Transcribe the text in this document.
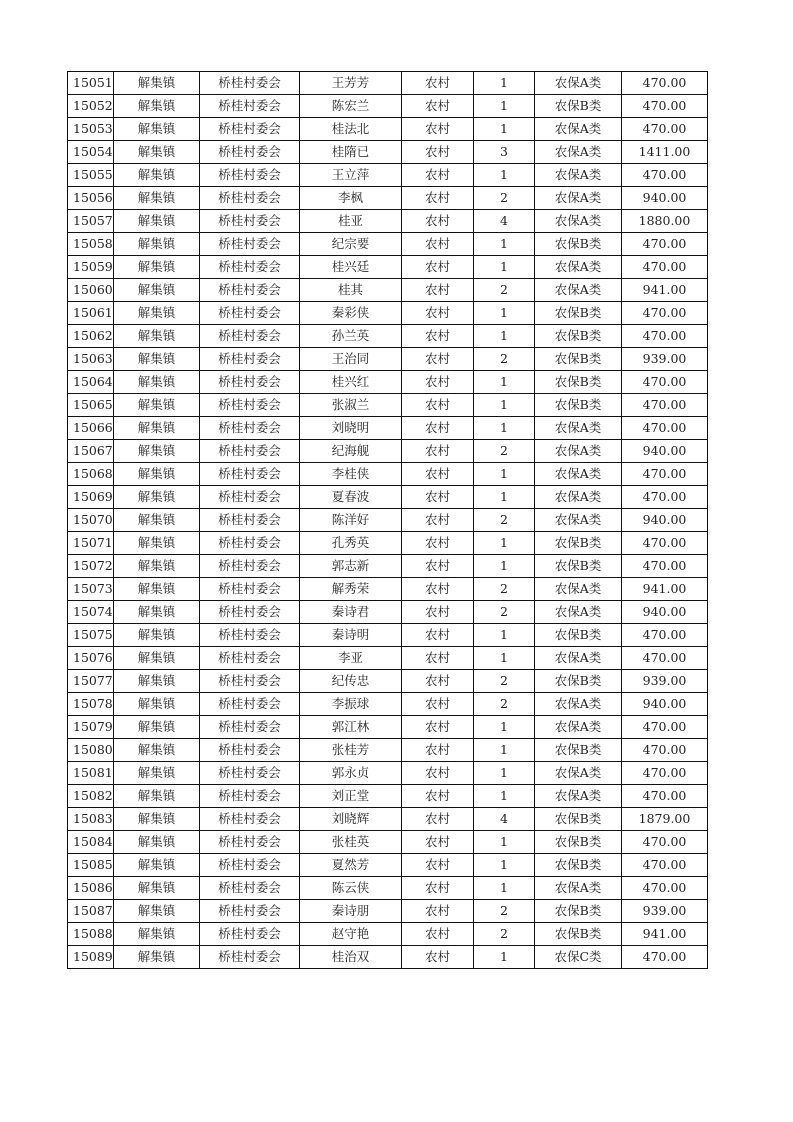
15051	解集镇	桥桂村委会	王芳芳	农村	1	农保A类	470.00
15052	解集镇	桥桂村委会	陈宏兰	农村	1	农保B类	470.00
15053	解集镇	桥桂村委会	桂法北	农村	1	农保A类	470.00
15054	解集镇	桥桂村委会	桂隋已	农村	3	农保A类	1411.00
15055	解集镇	桥桂村委会	王立萍	农村	1	农保A类	470.00
15056	解集镇	桥桂村委会	李枫	农村	2	农保A类	940.00
15057	解集镇	桥桂村委会	桂亚	农村	4	农保A类	1880.00
15058	解集镇	桥桂村委会	纪宗要	农村	1	农保B类	470.00
15059	解集镇	桥桂村委会	桂兴廷	农村	1	农保A类	470.00
15060	解集镇	桥桂村委会	桂其	农村	2	农保A类	941.00
15061	解集镇	桥桂村委会	秦彩侠	农村	1	农保B类	470.00
15062	解集镇	桥桂村委会	孙兰英	农村	1	农保B类	470.00
15063	解集镇	桥桂村委会	王治同	农村	2	农保B类	939.00
15064	解集镇	桥桂村委会	桂兴红	农村	1	农保B类	470.00
15065	解集镇	桥桂村委会	张淑兰	农村	1	农保B类	470.00
15066	解集镇	桥桂村委会	刘晓明	农村	1	农保A类	470.00
15067	解集镇	桥桂村委会	纪海舰	农村	2	农保A类	940.00
15068	解集镇	桥桂村委会	李桂侠	农村	1	农保A类	470.00
15069	解集镇	桥桂村委会	夏春波	农村	1	农保A类	470.00
15070	解集镇	桥桂村委会	陈洋好	农村	2	农保A类	940.00
15071	解集镇	桥桂村委会	孔秀英	农村	1	农保B类	470.00
15072	解集镇	桥桂村委会	郭志新	农村	1	农保B类	470.00
15073	解集镇	桥桂村委会	解秀荣	农村	2	农保A类	941.00
15074	解集镇	桥桂村委会	秦诗君	农村	2	农保A类	940.00
15075	解集镇	桥桂村委会	秦诗明	农村	1	农保B类	470.00
15076	解集镇	桥桂村委会	李亚	农村	1	农保A类	470.00
15077	解集镇	桥桂村委会	纪传忠	农村	2	农保B类	939.00
15078	解集镇	桥桂村委会	李振球	农村	2	农保A类	940.00
15079	解集镇	桥桂村委会	郭江林	农村	1	农保A类	470.00
15080	解集镇	桥桂村委会	张桂芳	农村	1	农保B类	470.00
15081	解集镇	桥桂村委会	郭永贞	农村	1	农保A类	470.00
15082	解集镇	桥桂村委会	刘正堂	农村	1	农保A类	470.00
15083	解集镇	桥桂村委会	刘晓辉	农村	4	农保B类	1879.00
15084	解集镇	桥桂村委会	张桂英	农村	1	农保B类	470.00
15085	解集镇	桥桂村委会	夏然芳	农村	1	农保B类	470.00
15086	解集镇	桥桂村委会	陈云侠	农村	1	农保A类	470.00
15087	解集镇	桥桂村委会	秦诗朋	农村	2	农保B类	939.00
15088	解集镇	桥桂村委会	赵守艳	农村	2	农保B类	941.00
15089	解集镇	桥桂村委会	桂治双	农村	1	农保C类	470.00
